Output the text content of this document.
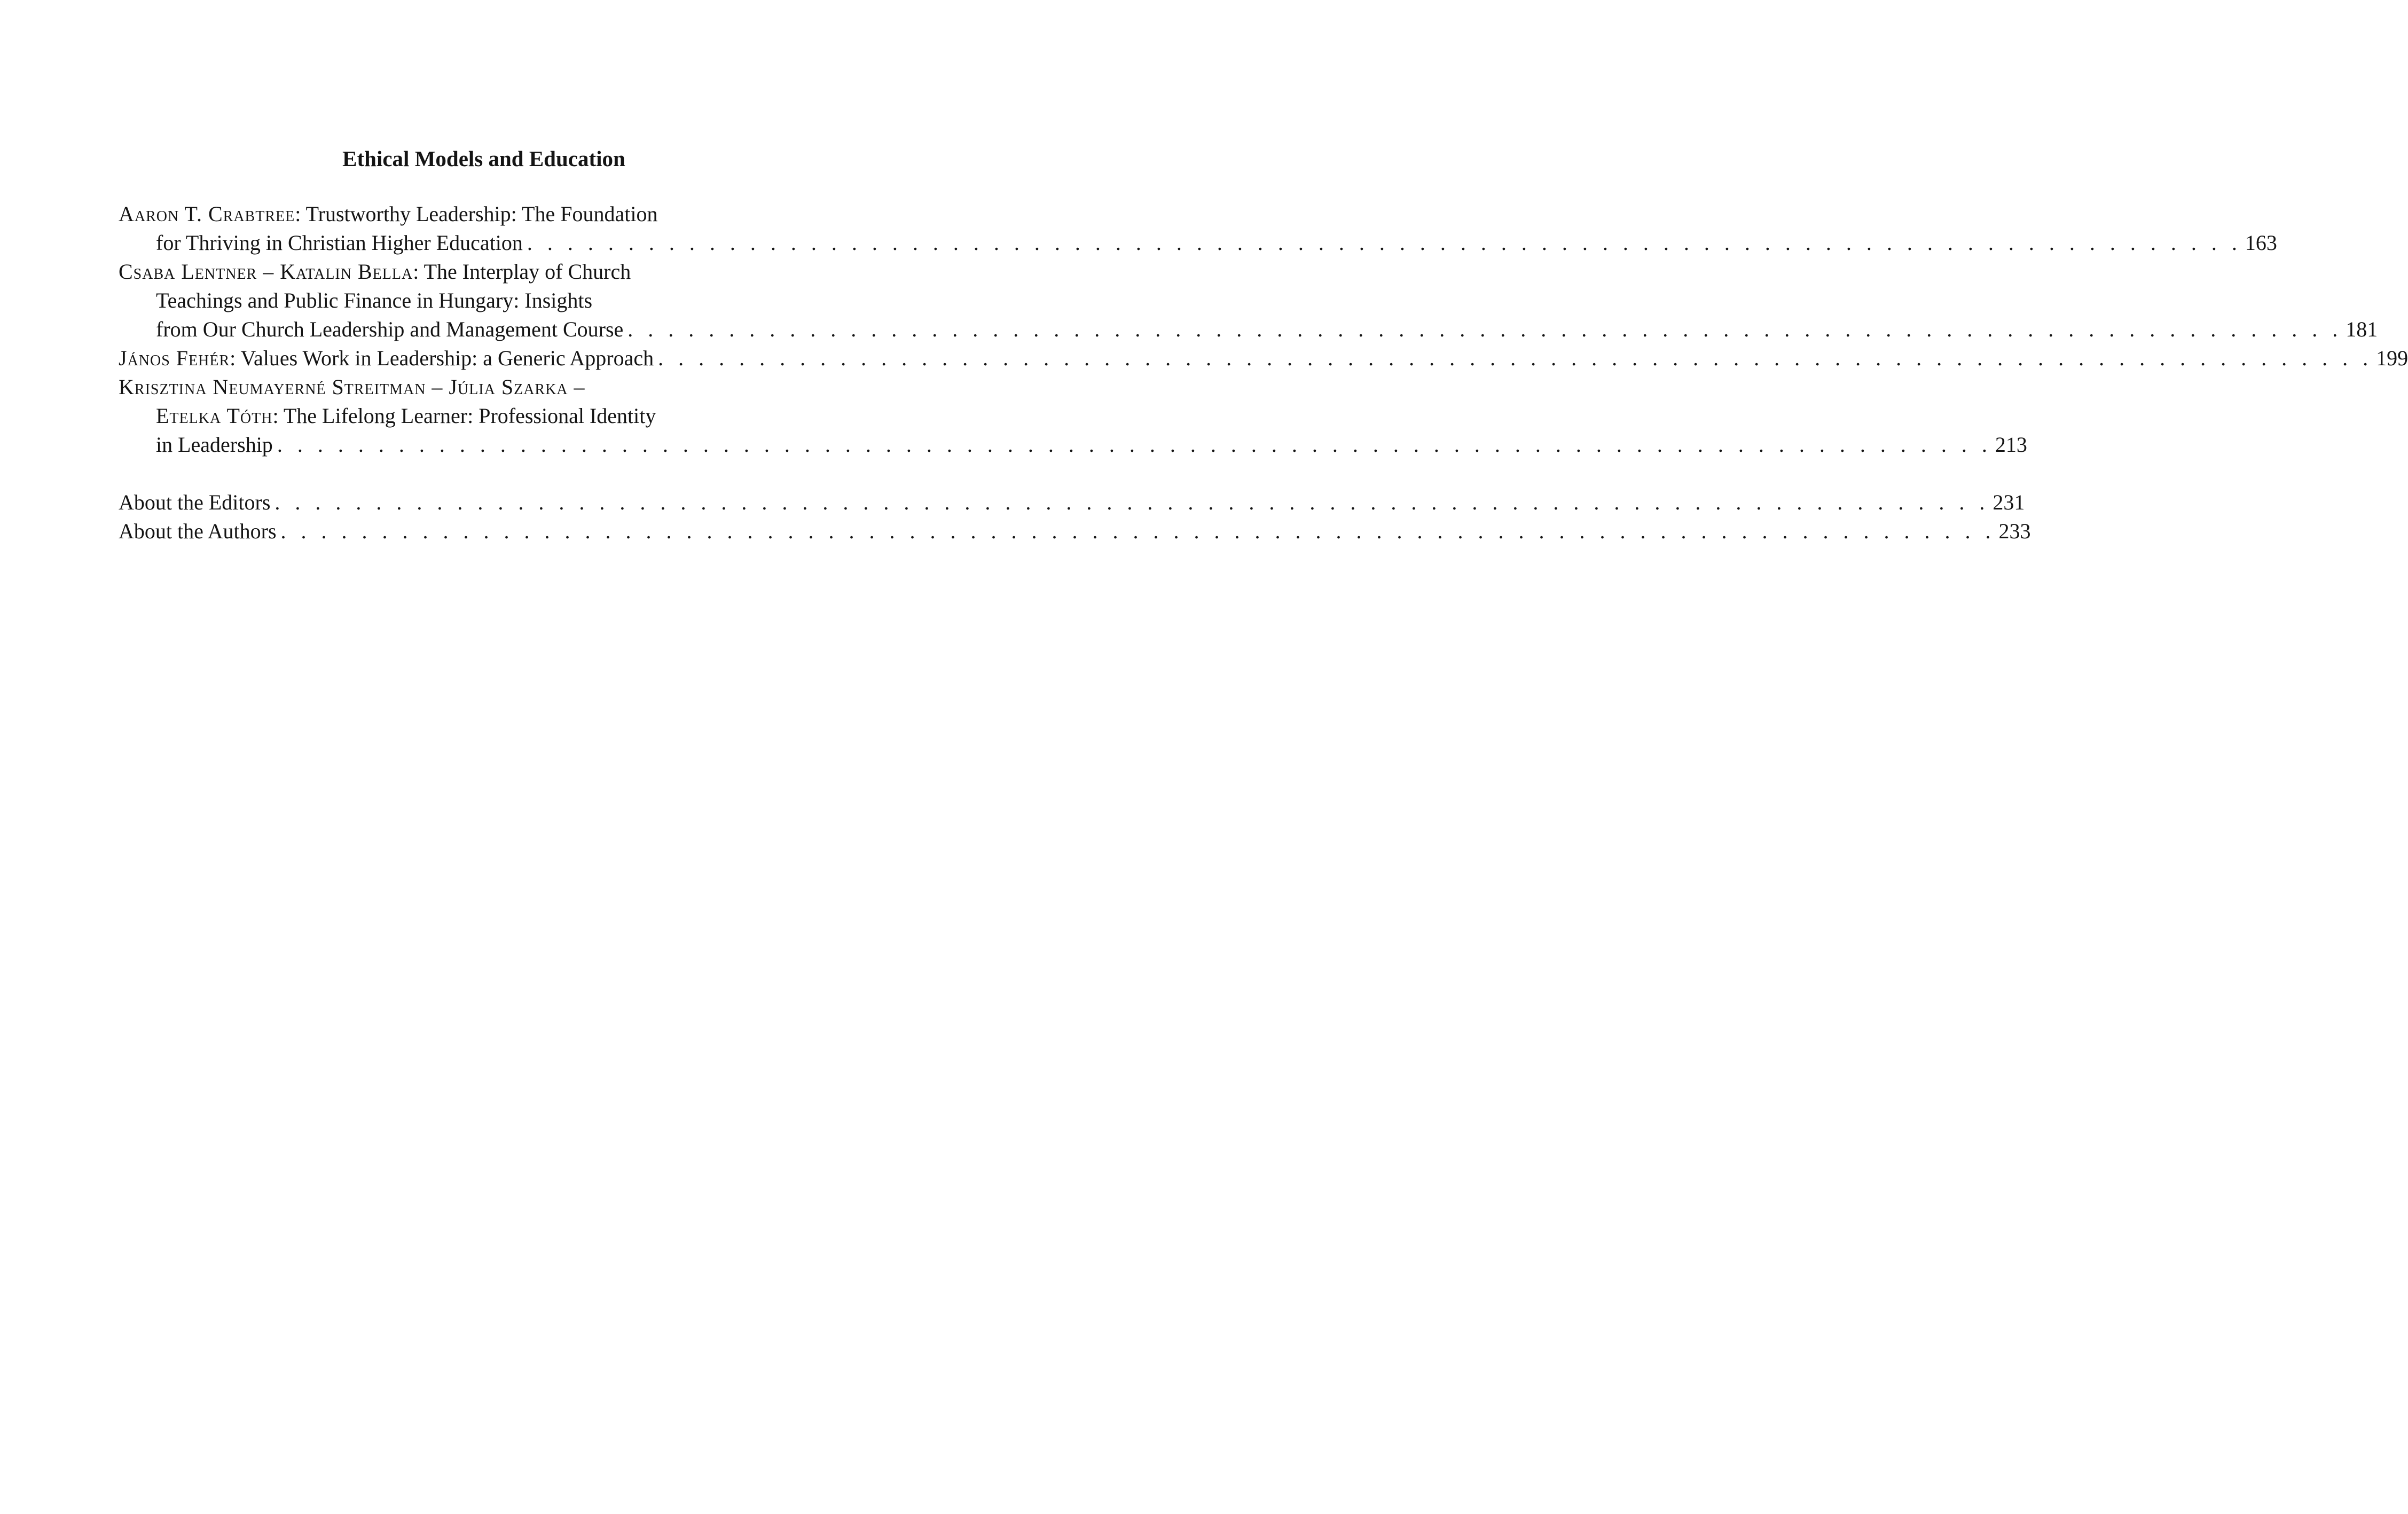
Ethical Models and Education
Aaron T. Crabtree: Trustworthy Leadership: The Foundation
for Thriving in Christian Higher Education . . . . . . . . . . . . . . . . . . . . . . . . . . . . . . . . . . . . . . . . . . . . . . . . . . . . . . . . . . . . . . . . . . . . . . . . . . . . . . . . . . . . . 163
Csaba Lentner – Katalin Bella: The Interplay of Church
Teachings and Public Finance in Hungary: Insights
from Our Church Leadership and Management Course . . . . . . . . . . . . . . . . . . . . . . . . . . . . . . . . . . . . . . . . . . . . . . . . . . . . . . . . . . . . . . . . . . . . . . . . . . . . . . . . . . . . . 181
János Fehér: Values Work in Leadership: a Generic Approach . . . . . . . . . . . . . . . . . . . . . . . . . . . . . . . . . . . . . . . . . . . . . . . . . . . . . . . . . . . . . . . . . . . . . . . . . . . . . . . . . . . . . 199
Krisztina Neumayerné Streitman – Júlia Szarka –
Etelka Tóth: The Lifelong Learner: Professional Identity
in Leadership . . . . . . . . . . . . . . . . . . . . . . . . . . . . . . . . . . . . . . . . . . . . . . . . . . . . . . . . . . . . . . . . . . . . . . . . . . . . . . . . . . . . . 213
About the Editors . . . . . . . . . . . . . . . . . . . . . . . . . . . . . . . . . . . . . . . . . . . . . . . . . . . . . . . . . . . . . . . . . . . . . . . . . . . . . . . . . . . . . 231
About the Authors . . . . . . . . . . . . . . . . . . . . . . . . . . . . . . . . . . . . . . . . . . . . . . . . . . . . . . . . . . . . . . . . . . . . . . . . . . . . . . . . . . . . . 233
